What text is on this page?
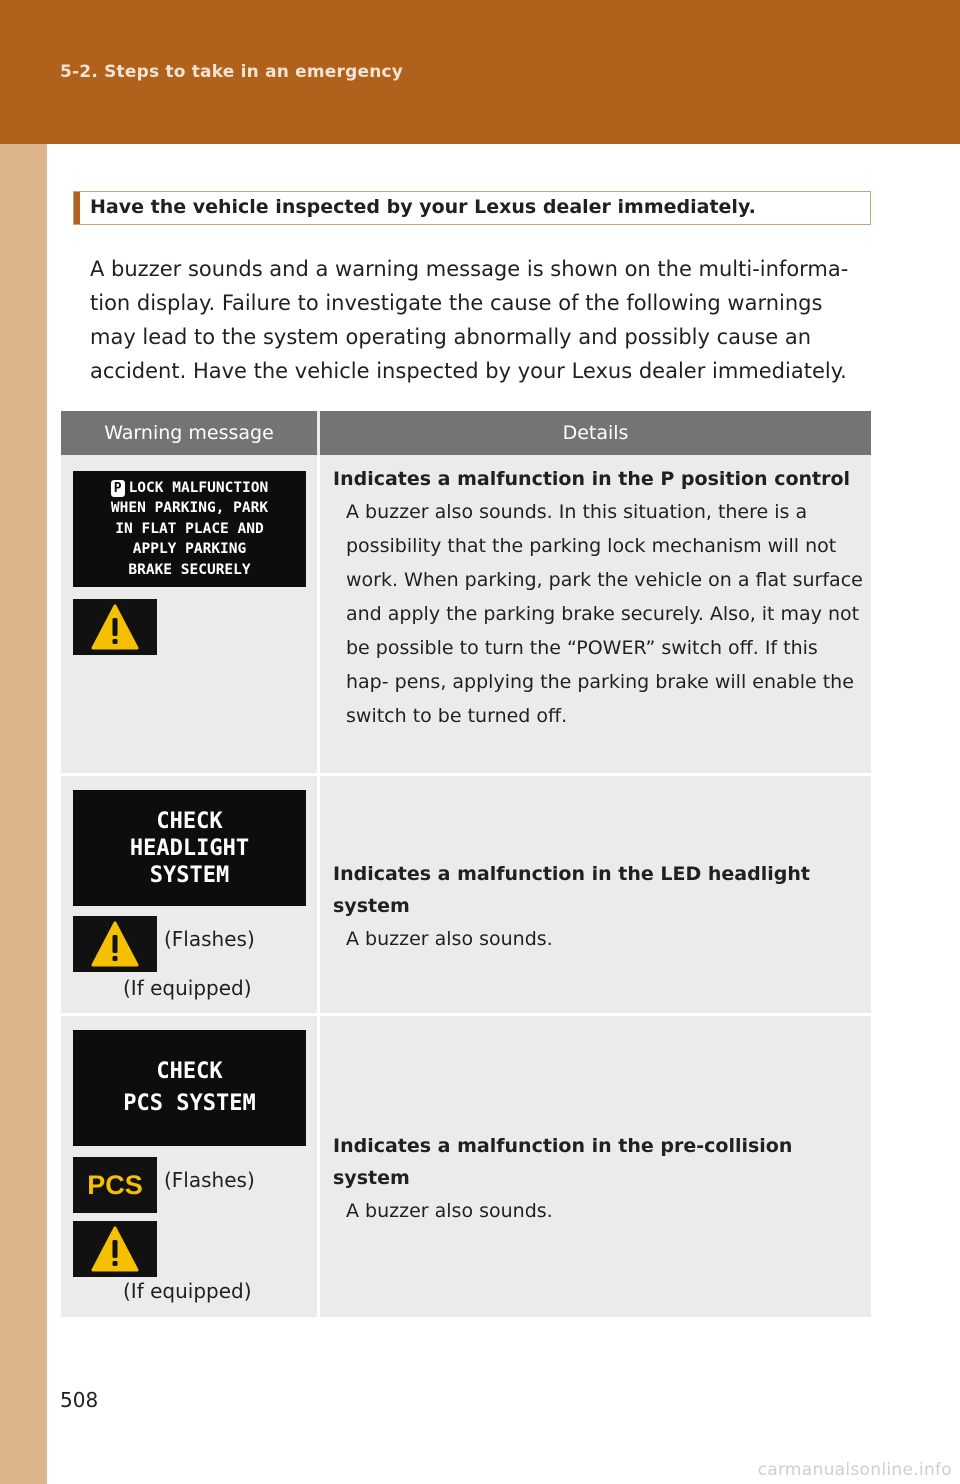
5-2. Steps to take in an emergency
Have the vehicle inspected by your Lexus dealer immediately.
A buzzer sounds and a warning message is shown on the multi-informa- tion display. Failure to investigate the cause of the following warnings may lead to the system operating abnormally and possibly cause an accident. Have the vehicle inspected by your Lexus dealer immediately.
Warning message	Details
P LOCK MALFUNCTION
WHEN PARKING, PARK
IN FLAT PLACE AND
APPLY PARKING
BRAKE SECURELY
Indicates a malfunction in the P position control
A buzzer also sounds. In this situation, there is a possibility that the parking lock mechanism will not work. When parking, park the vehicle on a flat surface and apply the parking brake securely. Also, it may not be possible to turn the “POWER” switch off. If this hap- pens, applying the parking brake will enable the switch to be turned off.
CHECK
HEADLIGHT
SYSTEM
(Flashes)
(If equipped)
Indicates a malfunction in the LED headlight system
A buzzer also sounds.
CHECK
PCS SYSTEM
PCS	(Flashes)
(If equipped)
Indicates a malfunction in the pre-collision system
A buzzer also sounds.
508
carmanualsonline.info
